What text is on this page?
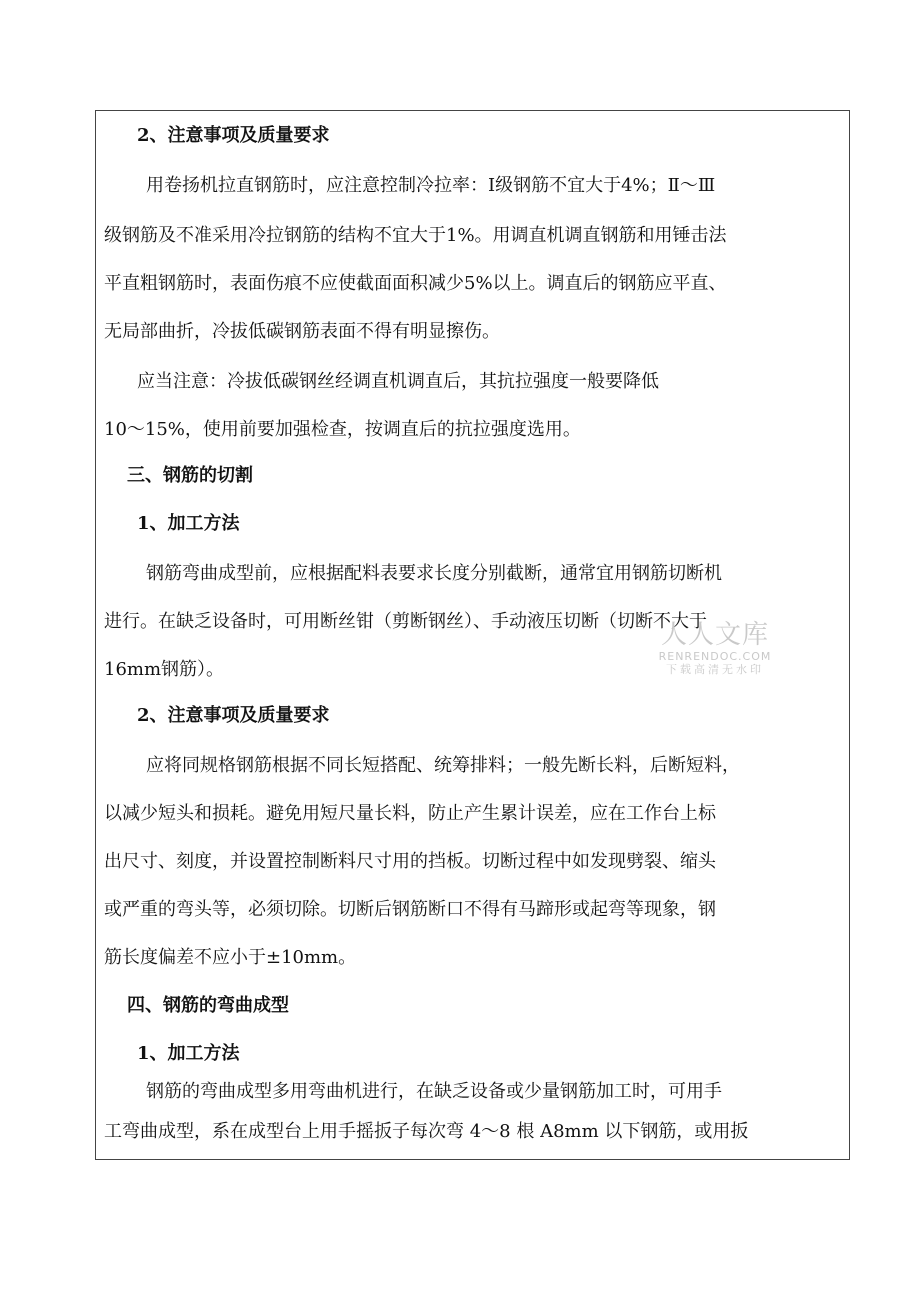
2、注意事项及质量要求
用卷扬机拉直钢筋时，应注意控制冷拉率：Ⅰ级钢筋不宜大于4%；Ⅱ～Ⅲ
级钢筋及不准采用冷拉钢筋的结构不宜大于1%。用调直机调直钢筋和用锤击法
平直粗钢筋时，表面伤痕不应使截面面积减少5%以上。调直后的钢筋应平直、
无局部曲折，冷拔低碳钢筋表面不得有明显擦伤。
应当注意：冷拔低碳钢丝经调直机调直后，其抗拉强度一般要降低
10～15%，使用前要加强检查，按调直后的抗拉强度选用。
三、钢筋的切割
1、加工方法
钢筋弯曲成型前，应根据配料表要求长度分别截断，通常宜用钢筋切断机
进行。在缺乏设备时，可用断丝钳（剪断钢丝）、手动液压切断（切断不大于
16mm钢筋）。
2、注意事项及质量要求
应将同规格钢筋根据不同长短搭配、统筹排料；一般先断长料，后断短料，
以减少短头和损耗。避免用短尺量长料，防止产生累计误差，应在工作台上标
出尺寸、刻度，并设置控制断料尺寸用的挡板。切断过程中如发现劈裂、缩头
或严重的弯头等，必须切除。切断后钢筋断口不得有马蹄形或起弯等现象，钢
筋长度偏差不应小于±10mm。
四、钢筋的弯曲成型
1、加工方法
钢筋的弯曲成型多用弯曲机进行，在缺乏设备或少量钢筋加工时，可用手
工弯曲成型，系在成型台上用手摇扳子每次弯 4～8 根 A8mm 以下钢筋，或用扳
人人文库
RENRENDOC.COM
下载高清无水印
